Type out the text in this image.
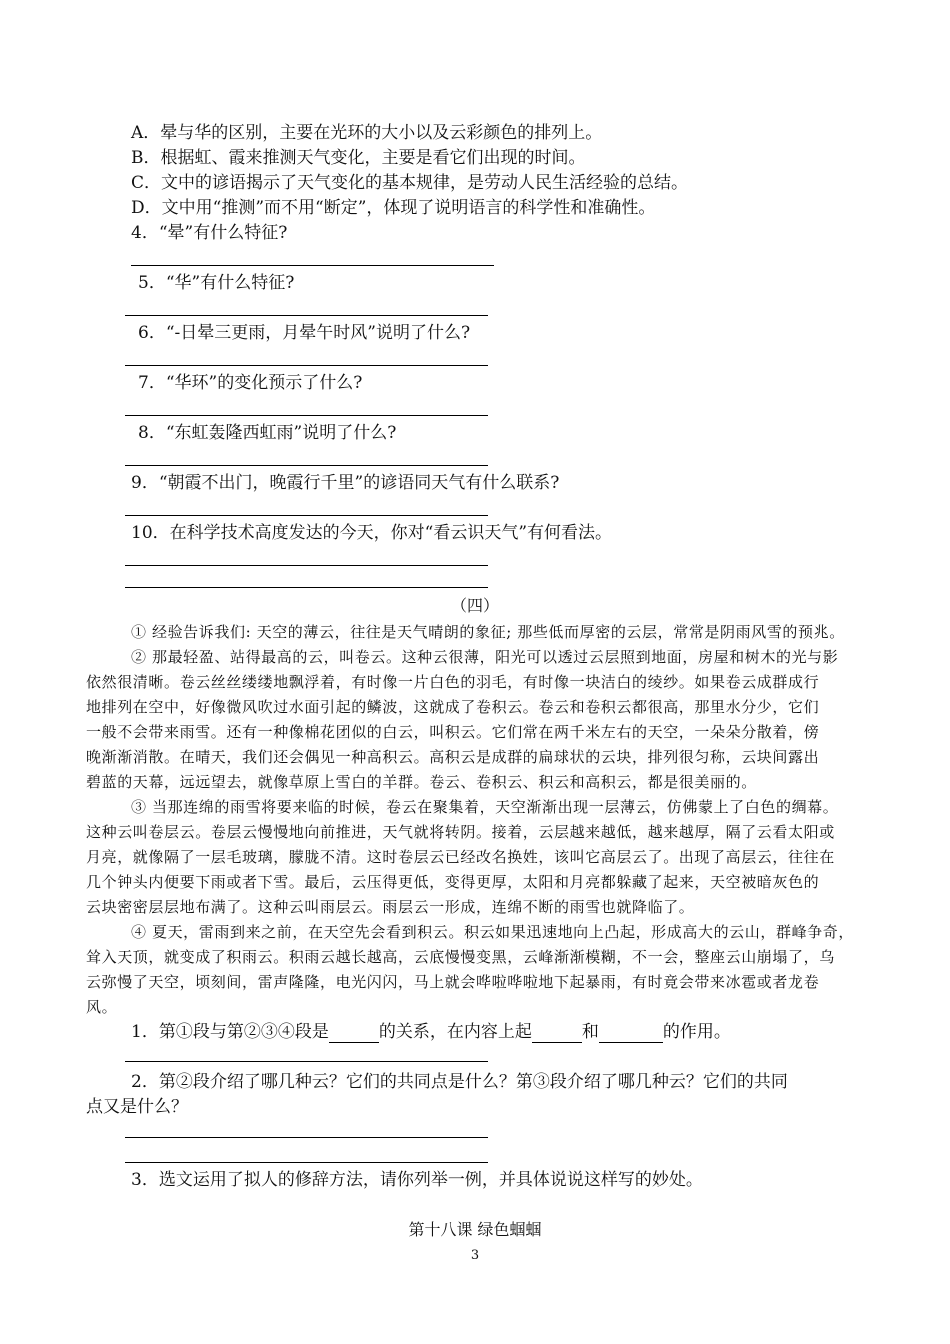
A．晕与华的区别，主要在光环的大小以及云彩颜色的排列上。
B．根据虹、霞来推测天气变化，主要是看它们出现的时间。
C．文中的谚语揭示了天气变化的基本规律，是劳动人民生活经验的总结。
D．文中用“推测”而不用“断定”，体现了说明语言的科学性和准确性。
4．“晕”有什么特征?
5．“华”有什么特征?
6．“-日晕三更雨，月晕午时风”说明了什么?
7．“华环”的变化预示了什么?
8．“东虹轰隆西虹雨”说明了什么?
9．“朝霞不出门，晚霞行千里”的谚语同天气有什么联系?
10．在科学技术高度发达的今天，你对“看云识天气”有何看法。
（四）
① 经验告诉我们: 天空的薄云，往往是天气晴朗的象征; 那些低而厚密的云层，常常是阴雨风雪的预兆。
② 那最轻盈、站得最高的云，叫卷云。这种云很薄，阳光可以透过云层照到地面，房屋和树木的光与影
依然很清晰。卷云丝丝缕缕地飘浮着，有时像一片白色的羽毛，有时像一块洁白的绫纱。如果卷云成群成行
地排列在空中，好像微风吹过水面引起的鳞波，这就成了卷积云。卷云和卷积云都很高，那里水分少，它们
一般不会带来雨雪。还有一种像棉花团似的白云，叫积云。它们常在两千米左右的天空，一朵朵分散着，傍
晚渐渐消散。在晴天，我们还会偶见一种高积云。高积云是成群的扁球状的云块，排列很匀称，云块间露出
碧蓝的天幕，远远望去，就像草原上雪白的羊群。卷云、卷积云、积云和高积云，都是很美丽的。
③ 当那连绵的雨雪将要来临的时候，卷云在聚集着，天空渐渐出现一层薄云，仿佛蒙上了白色的绸幕。
这种云叫卷层云。卷层云慢慢地向前推进，天气就将转阴。接着，云层越来越低，越来越厚，隔了云看太阳或
月亮，就像隔了一层毛玻璃，朦胧不清。这时卷层云已经改名换姓，该叫它高层云了。出现了高层云，往往在
几个钟头内便要下雨或者下雪。最后，云压得更低，变得更厚，太阳和月亮都躲藏了起来，天空被暗灰色的
云块密密层层地布满了。这种云叫雨层云。雨层云一形成，连绵不断的雨雪也就降临了。
④ 夏天，雷雨到来之前，在天空先会看到积云。积云如果迅速地向上凸起，形成高大的云山，群峰争奇，
耸入天顶，就变成了积雨云。积雨云越长越高，云底慢慢变黑，云峰渐渐模糊，不一会，整座云山崩塌了，乌
云弥慢了天空，顷刻间，雷声隆隆，电光闪闪，马上就会哗啦哗啦地下起暴雨，有时竟会带来冰雹或者龙卷
风。
1．第①段与第②③④段是	的关系，在内容上起	和	的作用。
2．第②段介绍了哪几种云？它们的共同点是什么？第③段介绍了哪几种云？它们的共同
点又是什么？
3．选文运用了拟人的修辞方法，请你列举一例，并具体说说这样写的妙处。
第十八课 绿色蝈蝈
3
